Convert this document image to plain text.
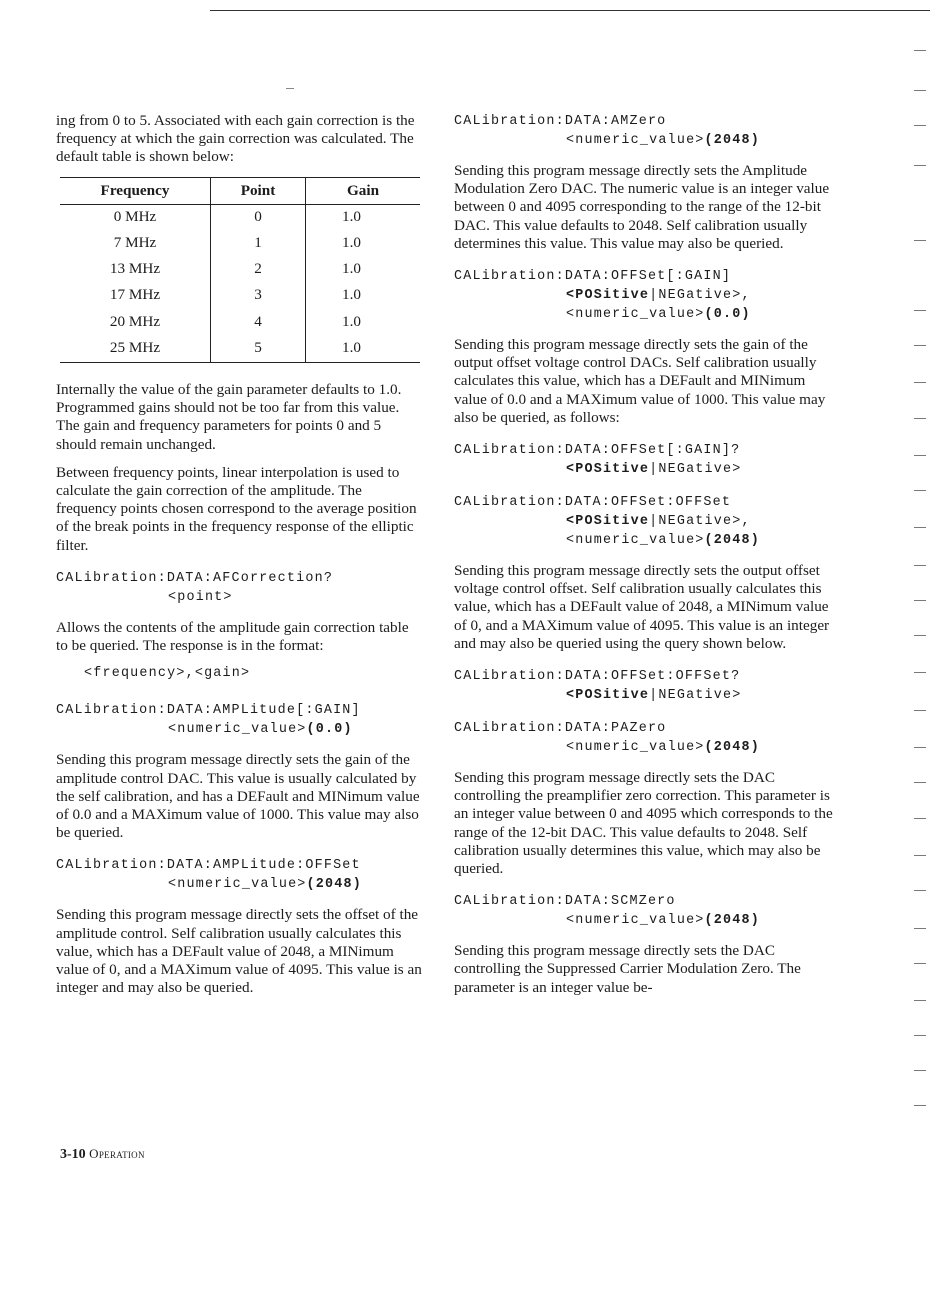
ing from 0 to 5. Associated with each gain correction is the frequency at which the gain correction was calculated. The default table is shown below:

Frequency	Point	Gain
0 MHz	0	1.0
7 MHz	1	1.0
13 MHz	2	1.0
17 MHz	3	1.0
20 MHz	4	1.0
25 MHz	5	1.0

Internally the value of the gain parameter defaults to 1.0. Programmed gains should not be too far from this value. The gain and frequency parameters for points 0 and 5 should remain unchanged.

Between frequency points, linear interpolation is used to calculate the gain correction of the amplitude. The frequency points chosen correspond to the average position of the break points in the frequency response of the elliptic filter.

CALibration:DATA:AFCorrection?
<point>

Allows the contents of the amplitude gain correction table to be queried. The response is in the format:

<frequency>,<gain>
CALibration:DATA:AMPLitude[:GAIN]
<numeric_value>(0.0)

Sending this program message directly sets the gain of the amplitude control DAC. This value is usually calculated by the self calibration, and has a DEFault and MINimum value of 0.0 and a MAXimum value of 1000. This value may also be queried.

CALibration:DATA:AMPLitude:OFFSet
<numeric_value>(2048)

Sending this program message directly sets the offset of the amplitude control. Self calibration usually calculates this value, which has a DEFault value of 2048, a MINimum value of 0, and a MAXimum value of 4095. This value is an integer and may also be queried.

CALibration:DATA:AMZero
<numeric_value>(2048)

Sending this program message directly sets the Amplitude Modulation Zero DAC. The numeric value is an integer value between 0 and 4095 corresponding to the range of the 12-bit DAC. This value defaults to 2048. Self calibration usually determines this value. This value may also be queried.

CALibration:DATA:OFFSet[:GAIN]
<POSitive|NEGative>,
<numeric_value>(0.0)

Sending this program message directly sets the gain of the output offset voltage control DACs. Self calibration usually calculates this value, which has a DEFault and MINimum value of 0.0 and a MAXimum value of 1000. This value may also be queried, as follows:

CALibration:DATA:OFFSet[:GAIN]?
<POSitive|NEGative>
CALibration:DATA:OFFSet:OFFSet
<POSitive|NEGative>,
<numeric_value>(2048)

Sending this program message directly sets the output offset voltage control offset. Self calibration usually calculates this value, which has a DEFault value of 2048, a MINimum value of 0, and a MAXimum value of 4095. This value is an integer and may also be queried using the query shown below.

CALibration:DATA:OFFSet:OFFSet?
<POSitive|NEGative>
CALibration:DATA:PAZero
<numeric_value>(2048)

Sending this program message directly sets the DAC controlling the preamplifier zero correction. This parameter is an integer value between 0 and 4095 which corresponds to the range of the 12-bit DAC. This value defaults to 2048. Self calibration usually determines this value, which may also be queried.

CALibration:DATA:SCMZero
<numeric_value>(2048)

Sending this program message directly sets the DAC controlling the Suppressed Carrier Modulation Zero. The parameter is an integer value be-

3-10 Operation
